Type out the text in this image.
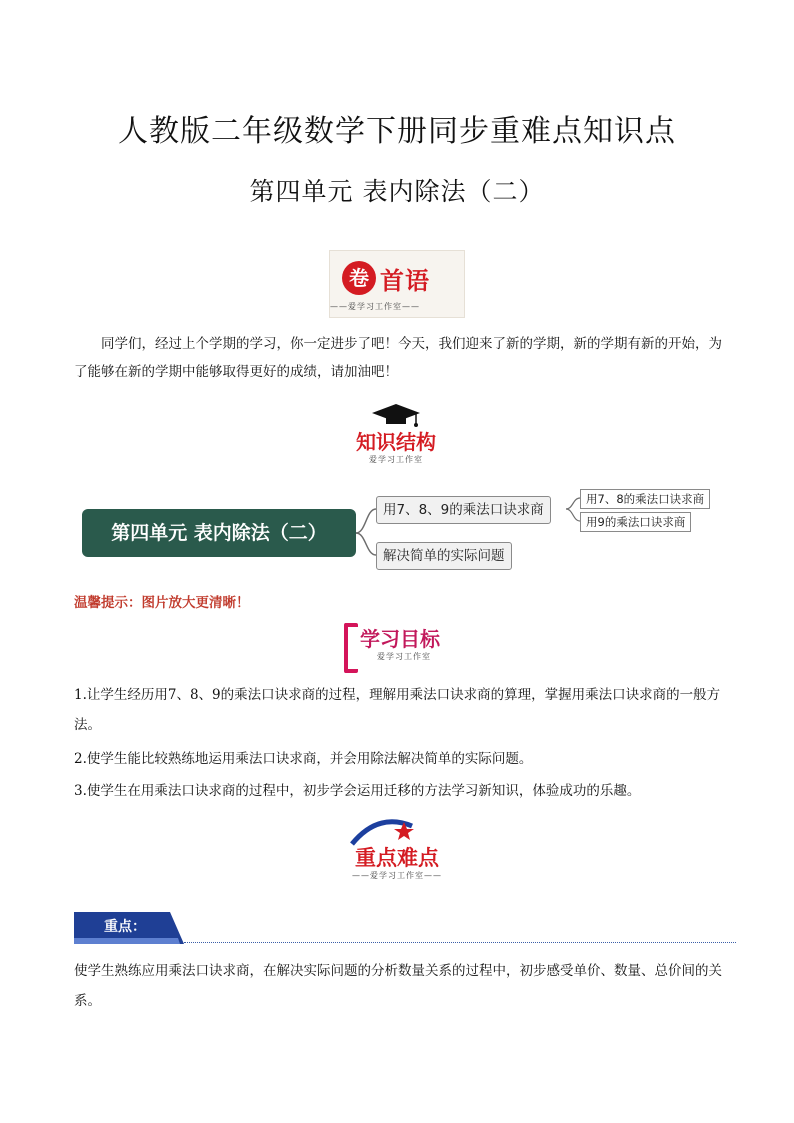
人教版二年级数学下册同步重难点知识点
第四单元 表内除法（二）
卷 首语
——爱学习工作室——
同学们，经过上个学期的学习，你一定进步了吧！今天，我们迎来了新的学期，新的学期有新的开始，为了能够在新的学期中能够取得更好的成绩，请加油吧！
知识结构
爱学习工作室
第四单元 表内除法（二）
用7、8、9的乘法口诀求商
用7、8的乘法口诀求商
用9的乘法口诀求商
解决简单的实际问题
温馨提示：图片放大更清晰！
学习目标
爱学习工作室
1.让学生经历用7、8、9的乘法口诀求商的过程，理解用乘法口诀求商的算理，掌握用乘法口诀求商的一般方法。
2.使学生能比较熟练地运用乘法口诀求商，并会用除法解决简单的实际问题。
3.使学生在用乘法口诀求商的过程中，初步学会运用迁移的方法学习新知识，体验成功的乐趣。
重点难点
——爱学习工作室——
重点：
使学生熟练应用乘法口诀求商，在解决实际问题的分析数量关系的过程中，初步感受单价、数量、总价间的关系。
